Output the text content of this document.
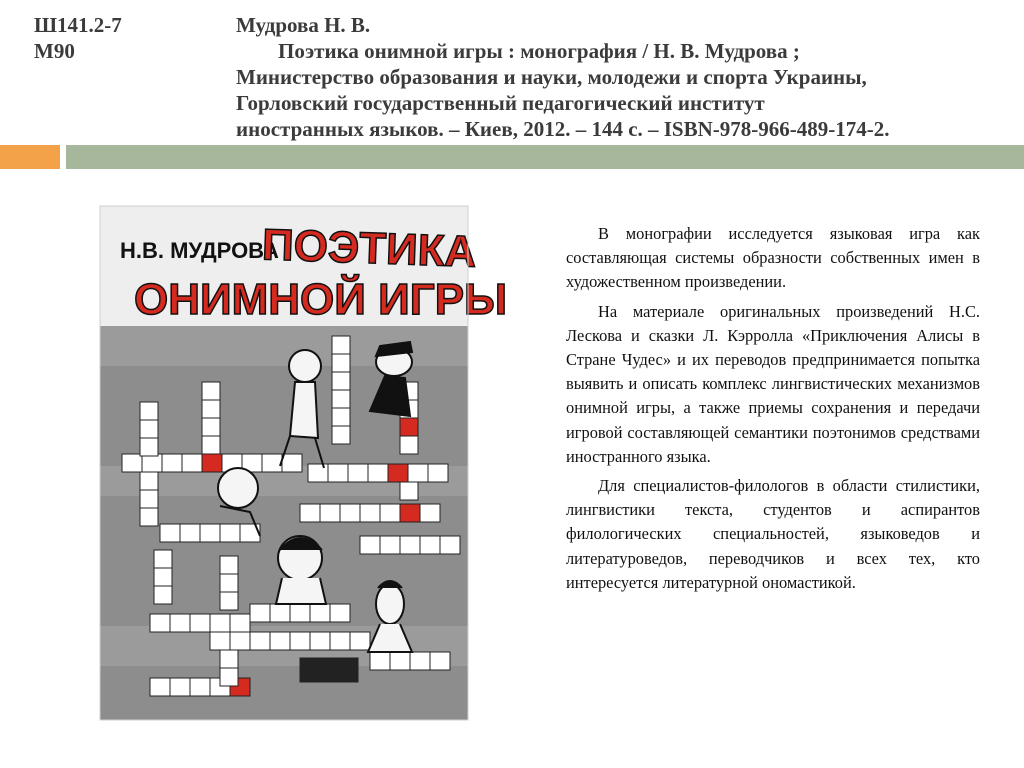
Ш141.2-7
М90
Мудрова Н. В.
Поэтика онимной игры : монография / Н. В. Мудрова ;
Министерство образования и науки, молодежи и спорта Украины,
Горловский государственный педагогический институт
иностранных языков. – Киев, 2012. – 144 с. – ISBN-978-966-489-174-2.
Н.В. МУДРОВА
ПОЭТИКА
ОНИМНОЙ ИГРЫ

В монографии исследуется языковая игра как составляющая системы образности собственных имен в художественном произведении.

На материале оригинальных произведений Н.С. Лескова и сказки Л. Кэрролла «Приключения Алисы в Стране Чудес» и их переводов предпринимается попытка выявить и описать комплекс лингвистических механизмов онимной игры, а также приемы сохранения и передачи игровой составляющей семантики поэтонимов средствами иностранного языка.

Для специалистов-филологов в области стилистики, лингвистики текста, студентов и аспирантов филологических специальностей, языковедов и литературоведов, переводчиков и всех тех, кто интересуется литературной ономастикой.
